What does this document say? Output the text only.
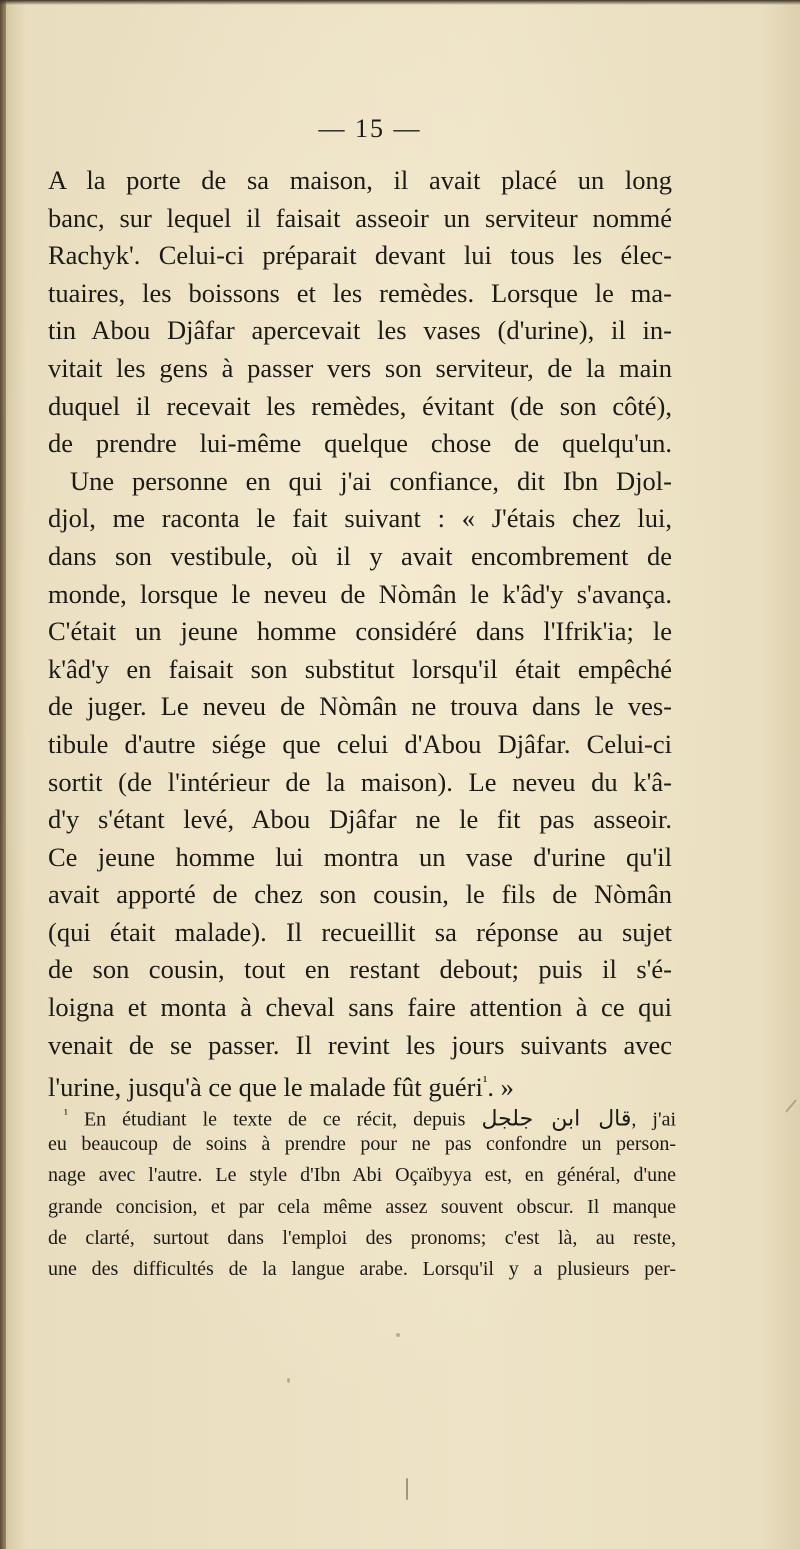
— 15 —
A la porte de sa maison, il avait placé un long
banc, sur lequel il faisait asseoir un serviteur nommé
Rachyk'. Celui-ci préparait devant lui tous les élec-
tuaires, les boissons et les remèdes. Lorsque le ma-
tin Abou Djâfar apercevait les vases (d'urine), il in-
vitait les gens à passer vers son serviteur, de la main
duquel il recevait les remèdes, évitant (de son côté),
de prendre lui-même quelque chose de quelqu'un.
Une personne en qui j'ai confiance, dit Ibn Djol-
djol, me raconta le fait suivant : « J'étais chez lui,
dans son vestibule, où il y avait encombrement de
monde, lorsque le neveu de Nòmân le k'âd'y s'avança.
C'était un jeune homme considéré dans l'Ifrik'ia; le
k'âd'y en faisait son substitut lorsqu'il était empêché
de juger. Le neveu de Nòmân ne trouva dans le ves-
tibule d'autre siége que celui d'Abou Djâfar. Celui-ci
sortit (de l'intérieur de la maison). Le neveu du k'â-
d'y s'étant levé, Abou Djâfar ne le fit pas asseoir.
Ce jeune homme lui montra un vase d'urine qu'il
avait apporté de chez son cousin, le fils de Nòmân
(qui était malade). Il recueillit sa réponse au sujet
de son cousin, tout en restant debout; puis il s'é-
loigna et monta à cheval sans faire attention à ce qui
venait de se passer. Il revint les jours suivants avec
l'urine, jusqu'à ce que le malade fût guéri$^{^1}$. »
$^{^1}$ En étudiant le texte de ce récit, depuis قال ابن جلجل, j'ai
eu beaucoup de soins à prendre pour ne pas confondre un person-
nage avec l'autre. Le style d'Ibn Abi Oçaïbyya est, en général, d'une
grande concision, et par cela même assez souvent obscur. Il manque
de clarté, surtout dans l'emploi des pronoms; c'est là, au reste,
une des difficultés de la langue arabe. Lorsqu'il y a plusieurs per-
